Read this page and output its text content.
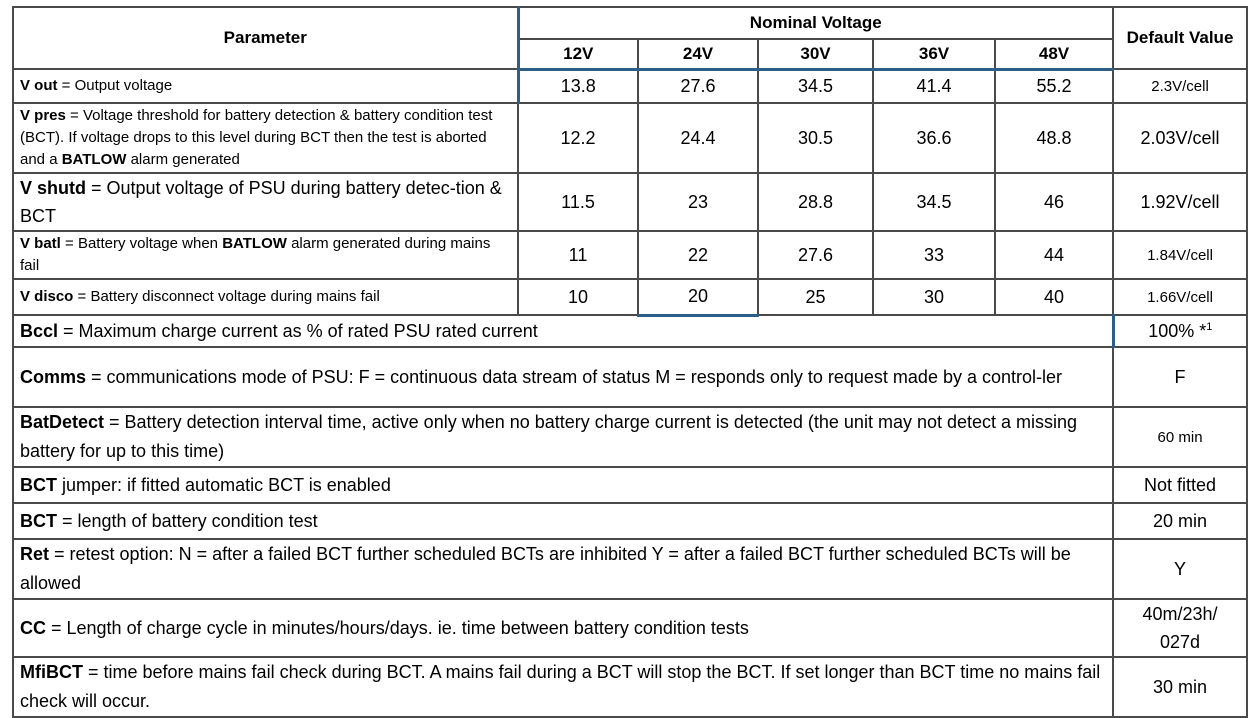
Parameter	Nominal Voltage					Default Value
	12V	24V	30V	36V	48V	
V out = Output voltage	13.8	27.6	34.5	41.4	55.2	2.3V/cell
V pres = Voltage threshold for battery detection & battery condition test (BCT). If voltage drops to this level during BCT then the test is aborted and a BATLOW alarm generated	12.2	24.4	30.5	36.6	48.8	2.03V/cell
V shutd = Output voltage of PSU during battery detec-tion & BCT	11.5	23	28.8	34.5	46	1.92V/cell
V batl = Battery voltage when BATLOW alarm generated during mains fail	11	22	27.6	33	44	1.84V/cell
V disco = Battery disconnect voltage during mains fail	10	20	25	30	40	1.66V/cell
Bccl = Maximum charge current as % of rated PSU rated current						100% *$^1$
Comms = communications mode of PSU: F = continuous data stream of status M = responds only to request made by a control-ler						F
BatDetect = Battery detection interval time, active only when no battery charge current is detected (the unit may not detect a missing battery for up to this time)						60 min
BCT jumper: if fitted automatic BCT is enabled						Not fitted
BCT = length of battery condition test						20 min
Ret = retest option: N = after a failed BCT further scheduled BCTs are inhibited Y = after a failed BCT further scheduled BCTs will be allowed						Y
CC = Length of charge cycle in minutes/hours/days. ie. time between battery condition tests						40m/23h/ 027d
MfiBCT = time before mains fail check during BCT. A mains fail during a BCT will stop the BCT. If set longer than BCT time no mains fail check will occur.						30 min
